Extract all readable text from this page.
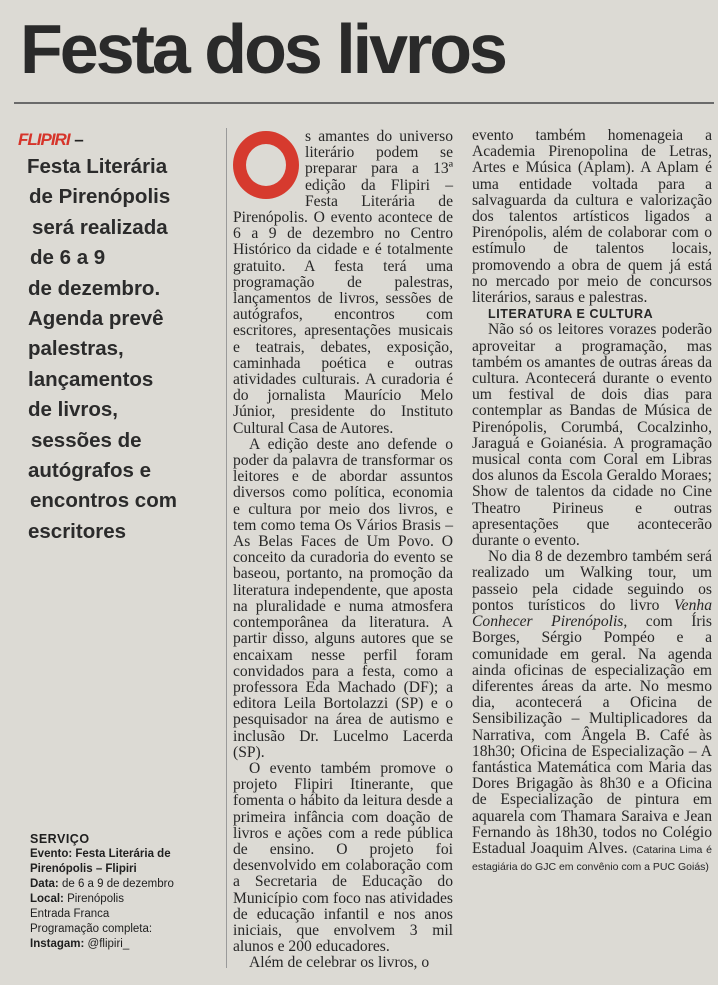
Festa dos livros

FLIPIRI –

Festa Literária
de Pirenópolis
será realizada
de 6 a 9
de dezembro.
Agenda prevê
palestras,
lançamentos
de livros,
sessões de
autógrafos e
encontros com
escritores

SERVIÇO
Evento: Festa Literária de Pirenópolis – Flipiri
Data: de 6 a 9 de dezembro
Local: Pirenópolis
Entrada Franca
Programação completa:
Instagam: @flipiri_

s amantes do universo literário podem se preparar para a 13ª edição da Flipiri – Festa Literária de Pirenópolis. O evento acontece de 6 a 9 de dezembro no Centro Histórico da cidade e é totalmente gratuito. A festa terá uma programação de palestras, lançamentos de livros, sessões de autógrafos, encontros com escritores, apresentações musicais e teatrais, debates, exposição, caminhada poética e outras atividades culturais. A curadoria é do jornalista Maurício Melo Júnior, presidente do Instituto Cultural Casa de Autores.

A edição deste ano defende o poder da palavra de transformar os leitores e de abordar assuntos diversos como política, economia e cultura por meio dos livros, e tem como tema Os Vários Brasis – As Belas Faces de Um Povo. O conceito da curadoria do evento se baseou, portanto, na promoção da literatura independente, que aposta na pluralidade e numa atmosfera contemporânea da literatura. A partir disso, alguns autores que se encaixam nesse perfil foram convidados para a festa, como a professora Eda Machado (DF); a editora Leila Bortolazzi (SP) e o pesquisador na área de autismo e inclusão Dr. Lucelmo Lacerda (SP).

O evento também promove o projeto Flipiri Itinerante, que fomenta o hábito da leitura desde a primeira infância com doação de livros e ações com a rede pública de ensino. O projeto foi desenvolvido em colaboração com a Secretaria de Educação do Município com foco nas atividades de educação infantil e nos anos iniciais, que envolvem 3 mil alunos e 200 educadores.

Além de celebrar os livros, o

evento também homenageia a Academia Pirenopolina de Letras, Artes e Música (Aplam). A Aplam é uma entidade voltada para a salvaguarda da cultura e valorização dos talentos artísticos ligados a Pirenópolis, além de colaborar com o estímulo de talentos locais, promovendo a obra de quem já está no mercado por meio de concursos literários, saraus e palestras.

LITERATURA E CULTURA

Não só os leitores vorazes poderão aproveitar a programação, mas também os amantes de outras áreas da cultura. Acontecerá durante o evento um festival de dois dias para contemplar as Bandas de Música de Pirenópolis, Corumbá, Cocalzinho, Jaraguá e Goianésia. A programação musical conta com Coral em Libras dos alunos da Escola Geraldo Moraes; Show de talentos da cidade no Cine Theatro Pirineus e outras apresentações que acontecerão durante o evento.

No dia 8 de dezembro também será realizado um Walking tour, um passeio pela cidade seguindo os pontos turísticos do livro Venha Conhecer Pirenópolis, com Íris Borges, Sérgio Pompéo e a comunidade em geral. Na agenda ainda oficinas de especialização em diferentes áreas da arte. No mesmo dia, acontecerá a Oficina de Sensibilização – Multiplicadores da Narrativa, com Ângela B. Café às 18h30; Oficina de Especialização – A fantástica Matemática com Maria das Dores Brigagão às 8h30 e a Oficina de Especialização de pintura em aquarela com Thamara Saraiva e Jean Fernando às 18h30, todos no Colégio Estadual Joaquim Alves. (Catarina Lima é estagiária do GJC em convênio com a PUC Goiás)
